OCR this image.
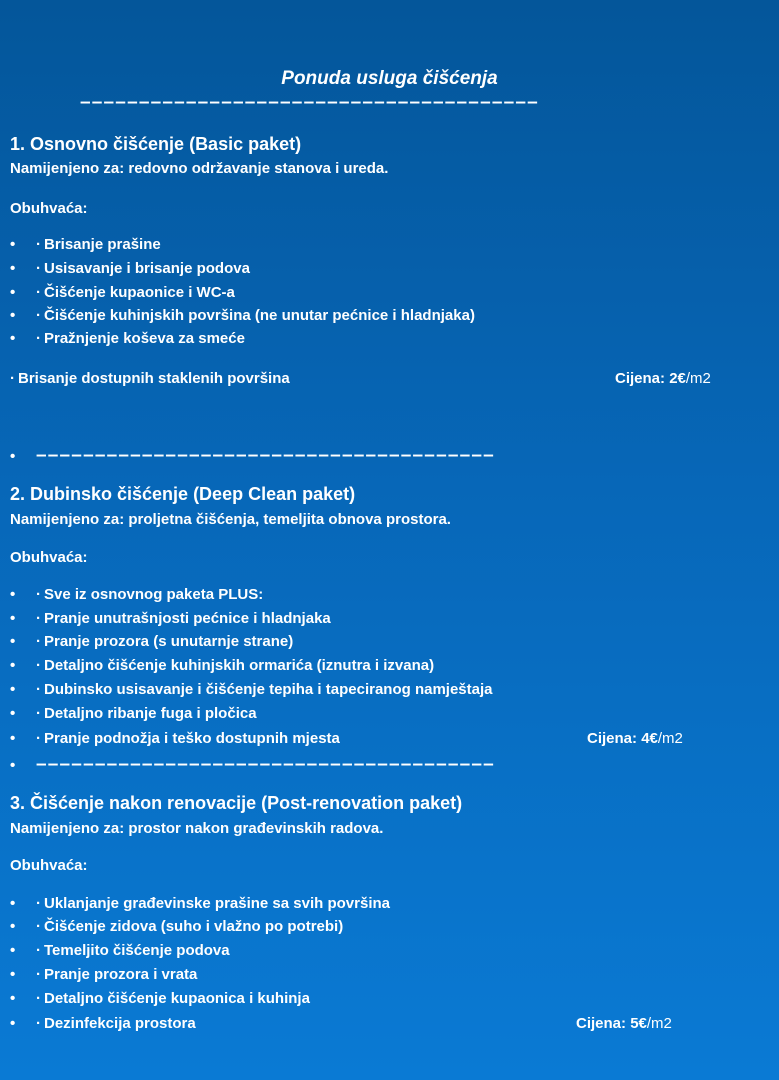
Ponuda usluga čišćenja
–––––––––––––––––––––––––––––––––––––––
1. Osnovno čišćenje (Basic paket)
Namijenjeno za: redovno održavanje stanova i ureda.
Obuhvaća:
• · Brisanje prašine
• · Usisavanje i brisanje podova
• · Čišćenje kupaonice i WC-a
• · Čišćenje kuhinjskih površina (ne unutar pećnice i hladnjaka)
• · Pražnjenje koševa za smeće
· Brisanje dostupnih staklenih površina	Cijena: 2€/m2
• –––––––––––––––––––––––––––––––––––––––
2. Dubinsko čišćenje (Deep Clean paket)
Namijenjeno za: proljetna čišćenja, temeljita obnova prostora.
Obuhvaća:
• · Sve iz osnovnog paketa PLUS:
• · Pranje unutrašnjosti pećnice i hladnjaka
• · Pranje prozora (s unutarnje strane)
• · Detaljno čišćenje kuhinjskih ormarića (iznutra i izvana)
• · Dubinsko usisavanje i čišćenje tepiha i tapeciranog namještaja
• · Detaljno ribanje fuga i pločica
• · Pranje podnožja i teško dostupnih mjesta	Cijena: 4€/m2
• –––––––––––––––––––––––––––––––––––––––
3. Čišćenje nakon renovacije (Post-renovation paket)
Namijenjeno za: prostor nakon građevinskih radova.
Obuhvaća:
• · Uklanjanje građevinske prašine sa svih površina
• · Čišćenje zidova (suho i vlažno po potrebi)
• · Temeljito čišćenje podova
• · Pranje prozora i vrata
• · Detaljno čišćenje kupaonica i kuhinja
• · Dezinfekcija prostora	Cijena: 5€/m2
